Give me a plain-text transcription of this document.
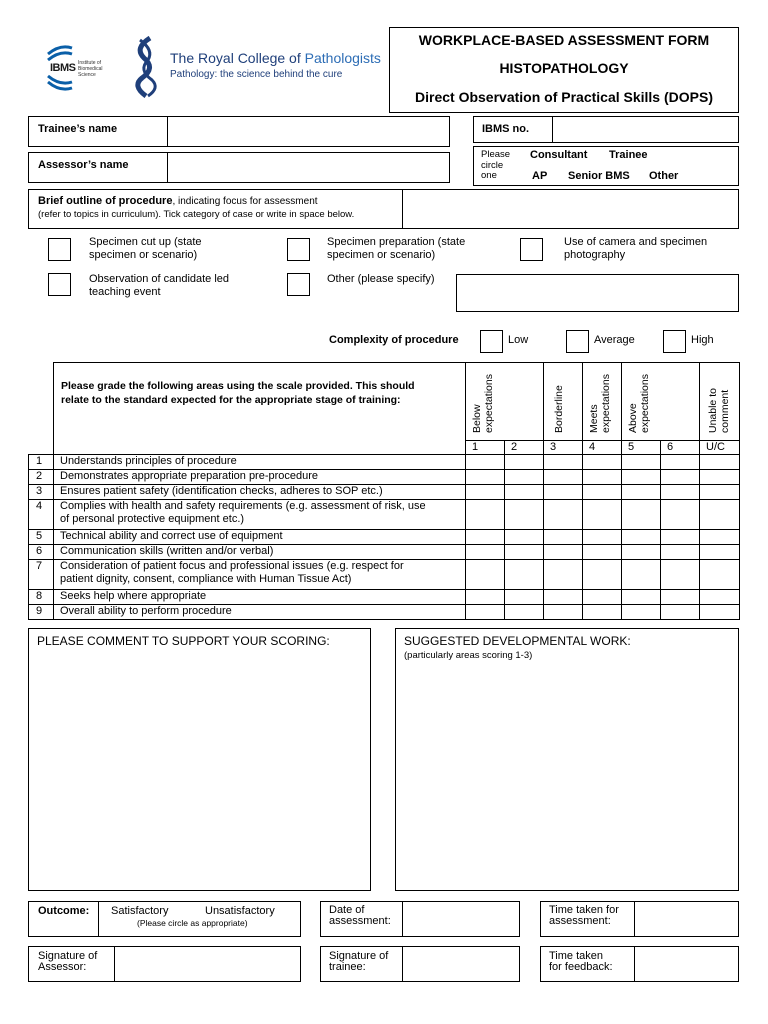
IBMS Institute of Biomedical Science
The Royal College of Pathologists
Pathology: the science behind the cure
WORKPLACE-BASED ASSESSMENT FORM
HISTOPATHOLOGY
Direct Observation of Practical Skills (DOPS)
Trainee’s name	IBMS no.
Assessor’s name
Please
circle
one
Consultant Trainee
AP Senior BMS Other
Brief outline of procedure, indicating focus for assessment
(refer to topics in curriculum). Tick category of case or write in space below.
Specimen cut up (state
specimen or scenario)
Specimen preparation (state
specimen or scenario)
Use of camera and specimen
photography
Observation of candidate led
teaching event
Other (please specify)
Complexity of procedure	Low	Average	High

	Please grade the following areas using the scale provided. This should
relate to the standard expected for the appropriate stage of training:	Below
expectations		Borderline	Meets
expectations	Above
expectations		Unable to
comment

		1	2	3	4	5	6	U/C
1	Understands principles of procedure							
2	Demonstrates appropriate preparation pre-procedure							
3	Ensures patient safety (identification checks, adheres to SOP etc.)							
4	Complies with health and safety requirements (e.g. assessment of risk, use
of personal protective equipment etc.)							
5	Technical ability and correct use of equipment							
6	Communication skills (written and/or verbal)							
7	Consideration of patient focus and professional issues (e.g. respect for
patient dignity, consent, compliance with Human Tissue Act)							
8	Seeks help where appropriate							
9	Overall ability to perform procedure							
PLEASE COMMENT TO SUPPORT YOUR SCORING:	SUGGESTED DEVELOPMENTAL WORK:
(particularly areas scoring 1-3)
Outcome: Satisfactory	Unsatisfactory
(Please circle as appropriate)
Date of
assessment:
Time taken for
assessment:
Signature of
Assessor:
Signature of
trainee:
Time taken
for feedback:
